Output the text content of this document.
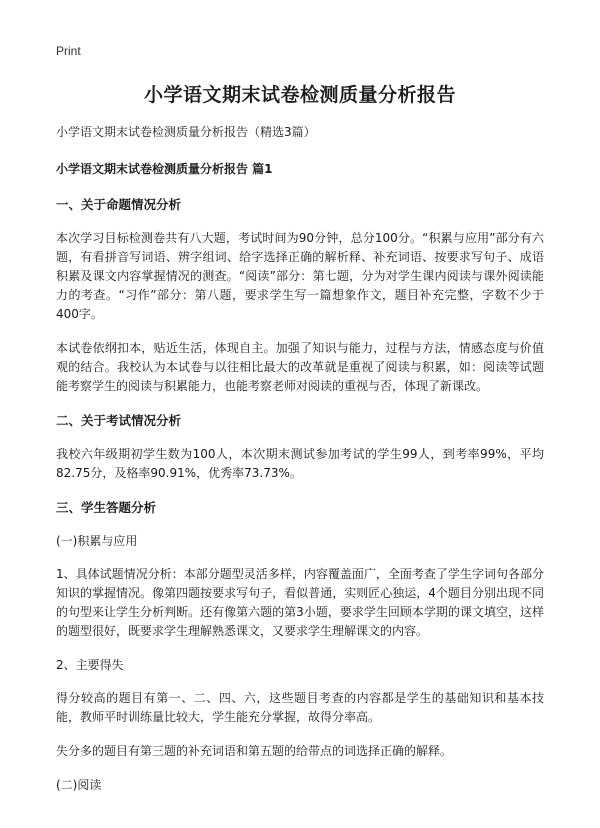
Print
小学语文期末试卷检测质量分析报告
小学语文期末试卷检测质量分析报告（精选3篇）
小学语文期末试卷检测质量分析报告 篇1
一、关于命题情况分析

本次学习目标检测卷共有八大题，考试时间为90分钟，总分100分。“积累与应用”部分有六题，有看拼音写词语、辨字组词、给字选择正确的解析释、补充词语、按要求写句子、成语积累及课文内容掌握情况的测查。“阅读”部分：第七题，分为对学生课内阅读与课外阅读能力的考查。“习作”部分：第八题，要求学生写一篇想象作文，题目补充完整，字数不少于400字。

本试卷依纲扣本，贴近生活，体现自主。加强了知识与能力，过程与方法，情感态度与价值观的结合。我校认为本试卷与以往相比最大的改革就是重视了阅读与积累，如：阅读等试题能考察学生的阅读与积累能力，也能考察老师对阅读的重视与否，体现了新课改。

二、关于考试情况分析

我校六年级期初学生数为100人，本次期末测试参加考试的学生99人，到考率99%，平均82.75分，及格率90.91%，优秀率73.73%。

三、学生答题分析
(一)积累与应用

1、具体试题情况分析：本部分题型灵活多样，内容覆盖面广，全面考查了学生字词句各部分知识的掌握情况。像第四题按要求写句子，看似普通，实则匠心独运，4个题目分别出现不同的句型来让学生分析判断。还有像第六题的第3小题，要求学生回顾本学期的课文填空，这样的题型很好，既要求学生理解熟悉课文，又要求学生理解课文的内容。

2、主要得失

得分较高的题目有第一、二、四、六，这些题目考查的内容都是学生的基础知识和基本技能，教师平时训练量比较大，学生能充分掌握，故得分率高。

失分多的题目有第三题的补充词语和第五题的给带点的词选择正确的解释。

(二)阅读
